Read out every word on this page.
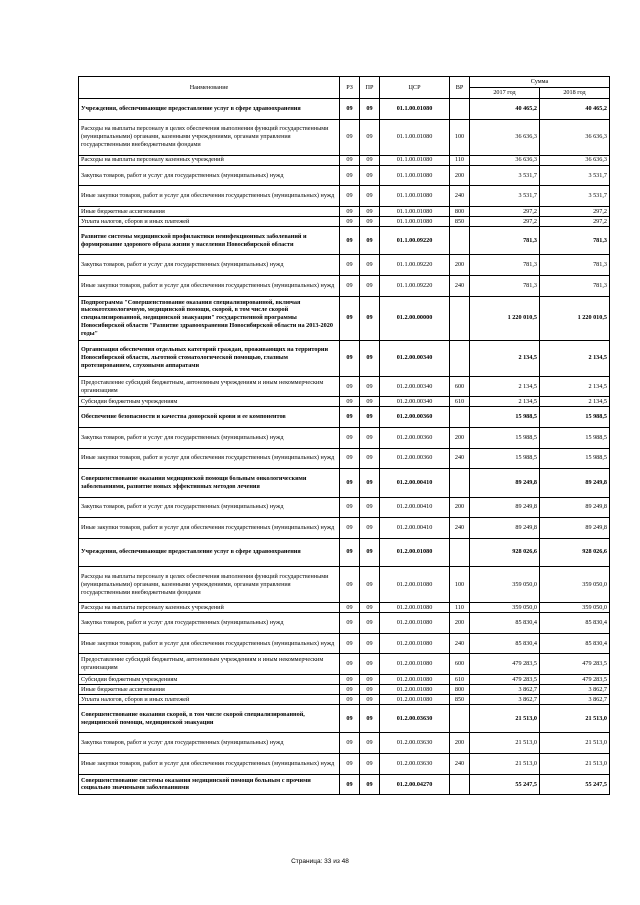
Наименование	РЗ	ПР	ЦСР	ВР	Сумма	
					2017 год	2018 год
Учреждения, обеспечивающие предоставление услуг в сфере здравоохранения	09	09	01.1.00.01080		40 465,2	40 465,2
Расходы на выплаты персоналу в целях обеспечения выполнения функций государственными (муниципальными) органами, казенными учреждениями, органами управления государственными внебюджетными фондами	09	09	01.1.00.01080	100	36 636,3	36 636,3
Расходы на выплаты персоналу казенных учреждений	09	09	01.1.00.01080	110	36 636,3	36 636,3
Закупка товаров, работ и услуг для государственных (муниципальных) нужд	09	09	01.1.00.01080	200	3 531,7	3 531,7
Иные закупки товаров, работ и услуг для обеспечения государственных (муниципальных) нужд	09	09	01.1.00.01080	240	3 531,7	3 531,7
Иные бюджетные ассигнования	09	09	01.1.00.01080	800	297,2	297,2
Уплата налогов, сборов и иных платежей	09	09	01.1.00.01080	850	297,2	297,2
Развитие системы медицинской профилактики неинфекционных заболеваний и формирование здорового образа жизни у населения Новосибирской области	09	09	01.1.00.09220		781,3	781,3
Закупка товаров, работ и услуг для государственных (муниципальных) нужд	09	09	01.1.00.09220	200	781,3	781,3
Иные закупки товаров, работ и услуг для обеспечения государственных (муниципальных) нужд	09	09	01.1.00.09220	240	781,3	781,3
Подпрограмма "Совершенствование оказания специализированной, включая высокотехнологичную, медицинской помощи, скорой, в том числе скорой специализированной, медицинской эвакуации" государственной программы Новосибирской области "Развитие здравоохранения Новосибирской области на 2013-2020 годы"	09	09	01.2.00.00000		1 220 010,5	1 220 010,5
Организация обеспечения отдельных категорий граждан, проживающих на территории Новосибирской области, льготной стоматологической помощью, глазным протезированием, слуховыми аппаратами	09	09	01.2.00.00340		2 134,5	2 134,5
Предоставление субсидий бюджетным, автономным учреждениям и иным некоммерческим организациям	09	09	01.2.00.00340	600	2 134,5	2 134,5
Субсидии бюджетным учреждениям	09	09	01.2.00.00340	610	2 134,5	2 134,5
Обеспечение безопасности и качества донорской крови и ее компонентов	09	09	01.2.00.00360		15 988,5	15 988,5
Закупка товаров, работ и услуг для государственных (муниципальных) нужд	09	09	01.2.00.00360	200	15 988,5	15 988,5
Иные закупки товаров, работ и услуг для обеспечения государственных (муниципальных) нужд	09	09	01.2.00.00360	240	15 988,5	15 988,5
Совершенствование оказания медицинской помощи больным онкологическими заболеваниями, развитие новых эффективных методов лечения	09	09	01.2.00.00410		89 249,8	89 249,8
Закупка товаров, работ и услуг для государственных (муниципальных) нужд	09	09	01.2.00.00410	200	89 249,8	89 249,8
Иные закупки товаров, работ и услуг для обеспечения государственных (муниципальных) нужд	09	09	01.2.00.00410	240	89 249,8	89 249,8
Учреждения, обеспечивающие предоставление услуг в сфере здравоохранения	09	09	01.2.00.01080		928 026,6	928 026,6
Расходы на выплаты персоналу в целях обеспечения выполнения функций государственными (муниципальными) органами, казенными учреждениями, органами управления государственными внебюджетными фондами	09	09	01.2.00.01080	100	359 050,0	359 050,0
Расходы на выплаты персоналу казенных учреждений	09	09	01.2.00.01080	110	359 050,0	359 050,0
Закупка товаров, работ и услуг для государственных (муниципальных) нужд	09	09	01.2.00.01080	200	85 830,4	85 830,4
Иные закупки товаров, работ и услуг для обеспечения государственных (муниципальных) нужд	09	09	01.2.00.01080	240	85 830,4	85 830,4
Предоставление субсидий бюджетным, автономным учреждениям и иным некоммерческим организациям	09	09	01.2.00.01080	600	479 283,5	479 283,5
Субсидии бюджетным учреждениям	09	09	01.2.00.01080	610	479 283,5	479 283,5
Иные бюджетные ассигнования	09	09	01.2.00.01080	800	3 862,7	3 862,7
Уплата налогов, сборов и иных платежей	09	09	01.2.00.01080	850	3 862,7	3 862,7
Совершенствование оказания скорой, в том числе скорой специализированной, медицинской помощи, медицинской эвакуации	09	09	01.2.00.03630		21 513,0	21 513,0
Закупка товаров, работ и услуг для государственных (муниципальных) нужд	09	09	01.2.00.03630	200	21 513,0	21 513,0
Иные закупки товаров, работ и услуг для обеспечения государственных (муниципальных) нужд	09	09	01.2.00.03630	240	21 513,0	21 513,0
Совершенствование системы оказания медицинской помощи больным с прочими социально значимыми заболеваниями	09	09	01.2.00.04270		55 247,5	55 247,5
Страница: 33 из 48
